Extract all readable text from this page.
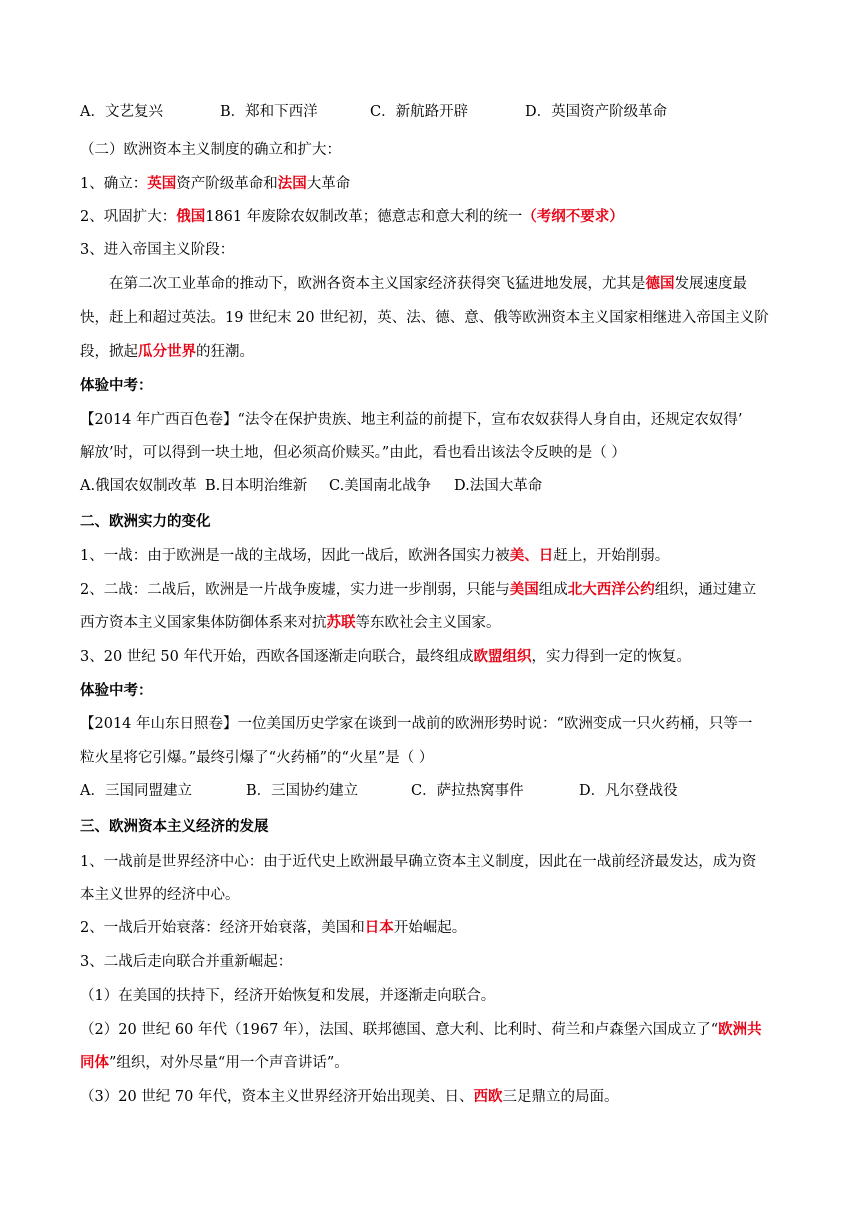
A．文艺复兴	B．郑和下西洋	C．新航路开辟	D．英国资产阶级革命
（二）欧洲资本主义制度的确立和扩大：
1、确立：英国资产阶级革命和法国大革命
2、巩固扩大：俄国1861 年废除农奴制改革；德意志和意大利的统一（考纲不要求）
3、进入帝国主义阶段：
在第二次工业革命的推动下，欧洲各资本主义国家经济获得突飞猛进地发展，尤其是德国发展速度最
快，赶上和超过英法。19 世纪末 20 世纪初，英、法、德、意、俄等欧洲资本主义国家相继进入帝国主义阶
段，掀起瓜分世界的狂潮。
体验中考：
【2014 年广西百色卷】“法令在保护贵族、地主利益的前提下，宣布农奴获得人身自由，还规定农奴得’
解放’时，可以得到一块土地，但必须高价赎买。”由此，看也看出该法令反映的是（ ）
A.俄国农奴制改革 B.日本明治维新 C.美国南北战争 D.法国大革命
二、欧洲实力的变化
1、一战：由于欧洲是一战的主战场，因此一战后，欧洲各国实力被美、日赶上，开始削弱。
2、二战：二战后，欧洲是一片战争废墟，实力进一步削弱，只能与美国组成北大西洋公约组织，通过建立
西方资本主义国家集体防御体系来对抗苏联等东欧社会主义国家。
3、20 世纪 50 年代开始，西欧各国逐渐走向联合，最终组成欧盟组织，实力得到一定的恢复。
体验中考：
【2014 年山东日照卷】一位美国历史学家在谈到一战前的欧洲形势时说：“欧洲变成一只火药桶，只等一
粒火星将它引爆。”最终引爆了“火药桶”的“火星”是（ ）
A．三国同盟建立	B．三国协约建立	C．萨拉热窝事件	D．凡尔登战役
三、欧洲资本主义经济的发展
1、一战前是世界经济中心：由于近代史上欧洲最早确立资本主义制度，因此在一战前经济最发达，成为资
本主义世界的经济中心。
2、一战后开始衰落：经济开始衰落，美国和日本开始崛起。
3、二战后走向联合并重新崛起：
（1）在美国的扶持下，经济开始恢复和发展，并逐渐走向联合。
（2）20 世纪 60 年代（1967 年），法国、联邦德国、意大利、比利时、荷兰和卢森堡六国成立了“欧洲共
同体”组织，对外尽量“用一个声音讲话”。
（3）20 世纪 70 年代，资本主义世界经济开始出现美、日、西欧三足鼎立的局面。
